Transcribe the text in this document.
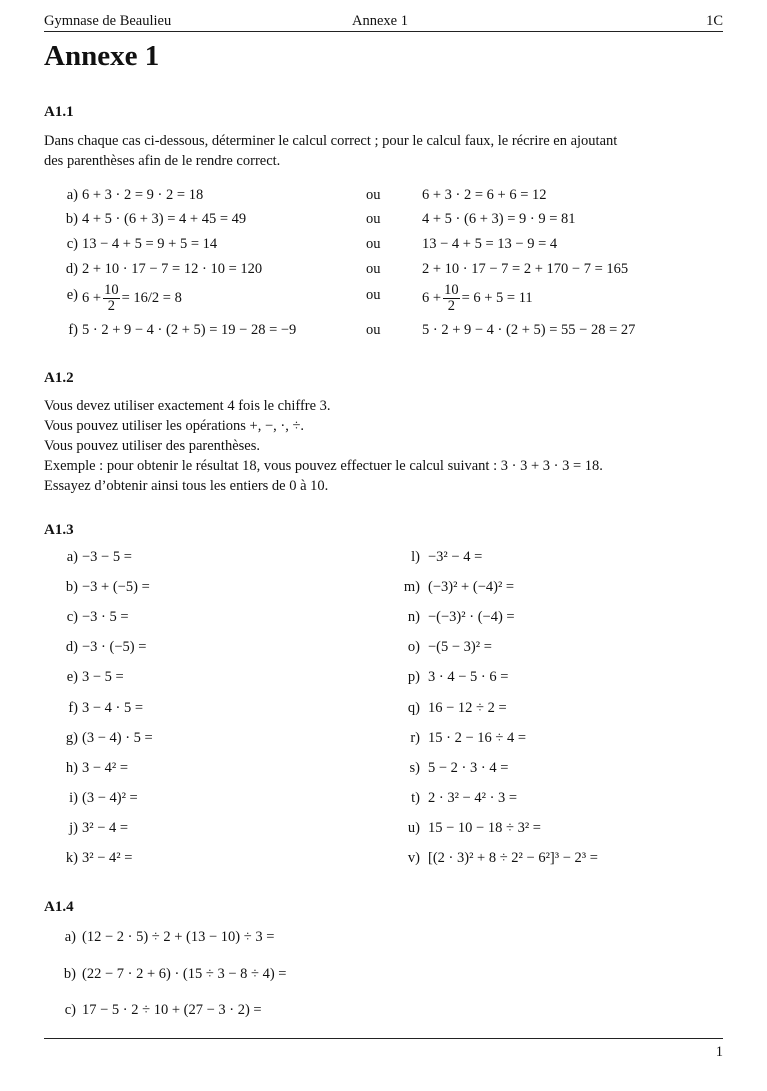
Gymnase de Beaulieu	Annexe 1	1C
Annexe 1
A1.1
Dans chaque cas ci-dessous, déterminer le calcul correct ; pour le calcul faux, le récrire en ajoutant
des parenthèses afin de le rendre correct.
a) 6 + 3 · 2 = 9 · 2 = 18	ou	6 + 3 · 2 = 6 + 6 = 12
b) 4 + 5 · (6 + 3) = 4 + 45 = 49	ou	4 + 5 · (6 + 3) = 9 · 9 = 81
c) 13 − 4 + 5 = 9 + 5 = 14	ou	13 − 4 + 5 = 13 − 9 = 4
d) 2 + 10 · 17 − 7 = 12 · 10 = 120	ou	2 + 10 · 17 − 7 = 2 + 170 − 7 = 165
e) $6 + \frac{10}{2} = 16/2 = 8$	ou	$6 + \frac{10}{2} = 6 + 5 = 11$
f) 5 · 2 + 9 − 4 · (2 + 5) = 19 − 28 = −9	ou	5 · 2 + 9 − 4 · (2 + 5) = 55 − 28 = 27
A1.2
Vous devez utiliser exactement 4 fois le chiffre 3.
Vous pouvez utiliser les opérations +, −, ·, ÷.
Vous pouvez utiliser des parenthèses.
Exemple : pour obtenir le résultat 18, vous pouvez effectuer le calcul suivant : 3 · 3 + 3 · 3 = 18.
Essayez d’obtenir ainsi tous les entiers de 0 à 10.
A1.3
a) −3 − 5 =
b) −3 + (−5) =
c) −3 · 5 =
d) −3 · (−5) =
e) 3 − 5 =
f) 3 − 4 · 5 =
g) (3 − 4) · 5 =
h) 3 − 4² =
i) (3 − 4)² =
j) 3² − 4 =
k) 3² − 4² =
l) −3² − 4 =
m) (−3)² + (−4)² =
n) −(−3)² · (−4) =
o) −(5 − 3)² =
p) 3 · 4 − 5 · 6 =
q) 16 − 12 ÷ 2 =
r) 15 · 2 − 16 ÷ 4 =
s) 5 − 2 · 3 · 4 =
t) 2 · 3² − 4² · 3 =
u) 15 − 10 − 18 ÷ 3² =
v) [(2 · 3)² + 8 ÷ 2² − 6²]³ − 2³ =
A1.4
a) (12 − 2 · 5) ÷ 2 + (13 − 10) ÷ 3 =
b) (22 − 7 · 2 + 6) · (15 ÷ 3 − 8 ÷ 4) =
c) 17 − 5 · 2 ÷ 10 + (27 − 3 · 2) =
1
